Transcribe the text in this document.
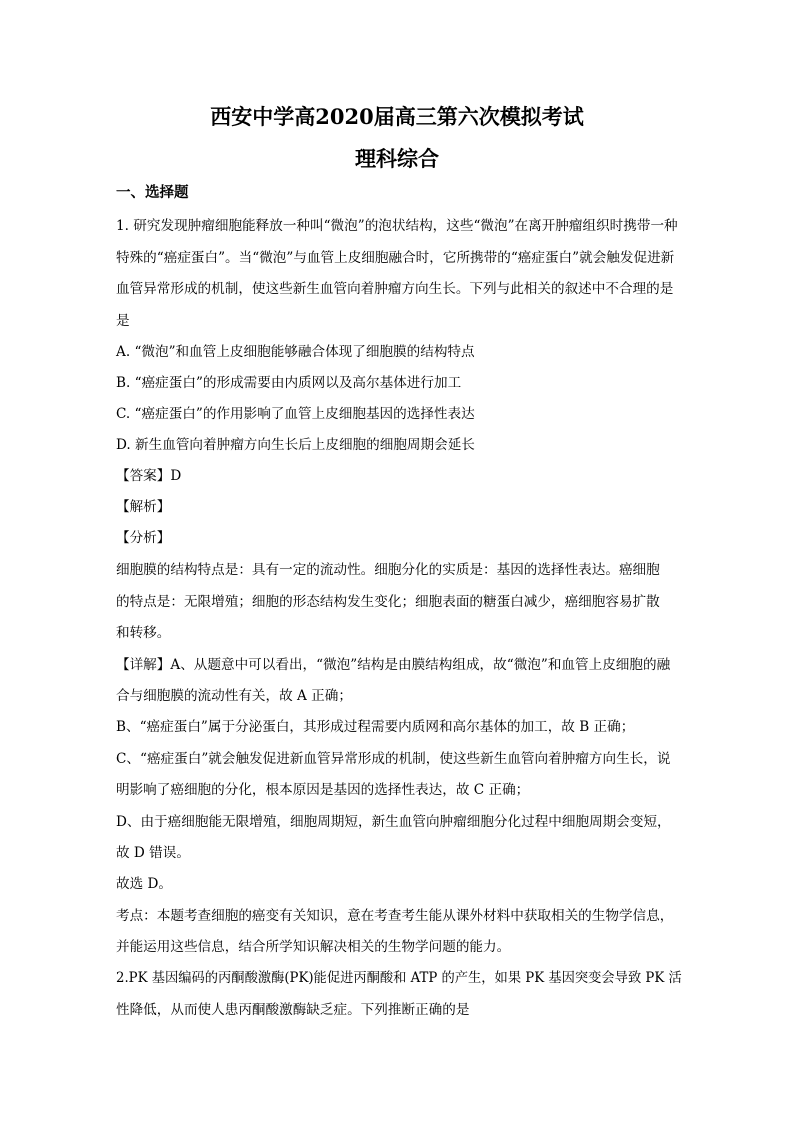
西安中学高2020届高三第六次模拟考试
理科综合
一、选择题
1. 研究发现肿瘤细胞能释放一种叫“微泡”的泡状结构，这些“微泡”在离开肿瘤组织时携带一种
特殊的“癌症蛋白”。当“微泡”与血管上皮细胞融合时，它所携带的“癌症蛋白”就会触发促进新
血管异常形成的机制，使这些新生血管向着肿瘤方向生长。下列与此相关的叙述中不合理的是
是
A. “微泡”和血管上皮细胞能够融合体现了细胞膜的结构特点
B. “癌症蛋白”的形成需要由内质网以及高尔基体进行加工
C. “癌症蛋白”的作用影响了血管上皮细胞基因的选择性表达
D. 新生血管向着肿瘤方向生长后上皮细胞的细胞周期会延长
【答案】D
【解析】
【分析】
细胞膜的结构特点是：具有一定的流动性。细胞分化的实质是：基因的选择性表达。癌细胞
的特点是：无限增殖；细胞的形态结构发生变化；细胞表面的糖蛋白减少，癌细胞容易扩散
和转移。
【详解】A、从题意中可以看出，“微泡”结构是由膜结构组成，故“微泡”和血管上皮细胞的融
合与细胞膜的流动性有关，故 A 正确；
B、“癌症蛋白”属于分泌蛋白，其形成过程需要内质网和高尔基体的加工，故 B 正确；
C、“癌症蛋白”就会触发促进新血管异常形成的机制，使这些新生血管向着肿瘤方向生长，说
明影响了癌细胞的分化，根本原因是基因的选择性表达，故 C 正确；
D、由于癌细胞能无限增殖，细胞周期短，新生血管向肿瘤细胞分化过程中细胞周期会变短，
故 D 错误。
故选 D。
考点：本题考查细胞的癌变有关知识，意在考查考生能从课外材料中获取相关的生物学信息，
并能运用这些信息，结合所学知识解决相关的生物学问题的能力。
2.PK 基因编码的丙酮酸激酶(PK)能促进丙酮酸和 ATP 的产生，如果 PK 基因突变会导致 PK 活
性降低，从而使人患丙酮酸激酶缺乏症。下列推断正确的是
